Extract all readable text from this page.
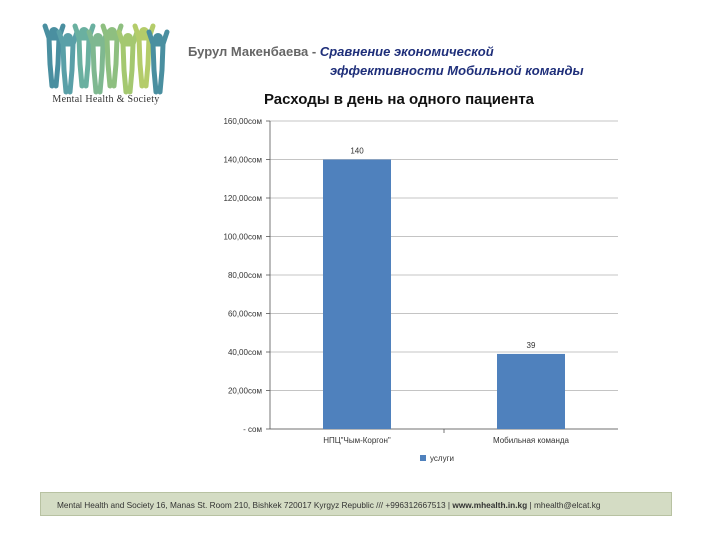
Mental Health & Society
Бурул Макенбаева - Сравнение экономической
эффективности Мобильной команды
Расходы в день на одного пациента
- сом
20,00сом
40,00сом
60,00сом
80,00сом
100,00сом
120,00сом
140,00сом
160,00сом
140
НПЦ"Чым-Коргон"
39
Мобильная команда
услуги
Mental Health and Society 16, Manas St. Room 210, Bishkek 720017 Kyrgyz Republic /// +996312667513 | www.mhealth.in.kg | mhealth@elcat.kg
